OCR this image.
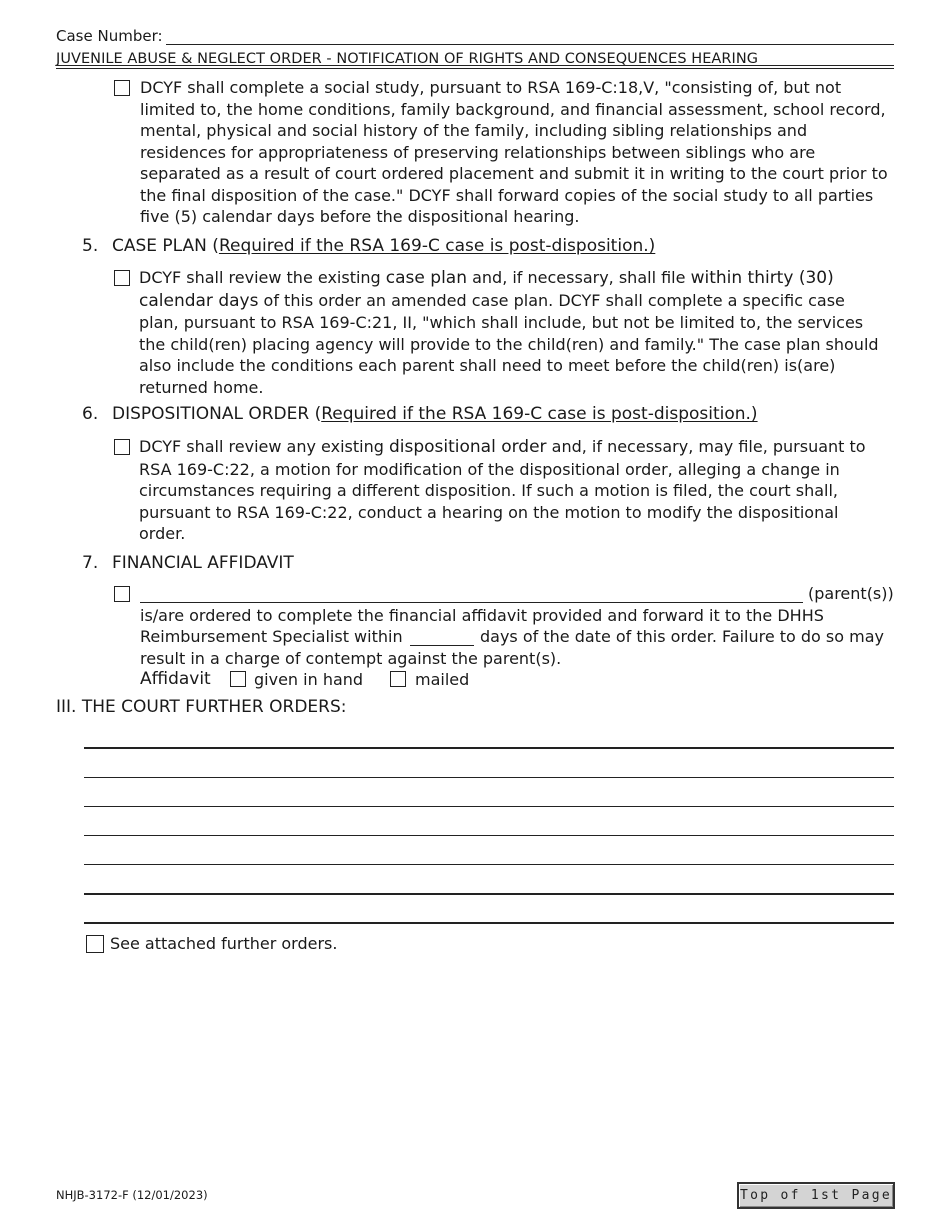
Case Number:
JUVENILE ABUSE & NEGLECT ORDER - NOTIFICATION OF RIGHTS AND CONSEQUENCES HEARING
DCYF shall complete a social study, pursuant to RSA 169-C:18,V, "consisting of, but not
limited to, the home conditions, family background, and financial assessment, school record,
mental, physical and social history of the family, including sibling relationships and
residences for appropriateness of preserving relationships between siblings who are
separated as a result of court ordered placement and submit it in writing to the court prior to
the final disposition of the case." DCYF shall forward copies of the social study to all parties
five (5) calendar days before the dispositional hearing.
5. CASE PLAN (Required if the RSA 169-C case is post-disposition.)
DCYF shall review the existing case plan and, if necessary, shall file within thirty (30)
calendar days of this order an amended case plan. DCYF shall complete a specific case
plan, pursuant to RSA 169-C:21, II, "which shall include, but not be limited to, the services
the child(ren) placing agency will provide to the child(ren) and family." The case plan should
also include the conditions each parent shall need to meet before the child(ren) is(are)
returned home.
6. DISPOSITIONAL ORDER (Required if the RSA 169-C case is post-disposition.)
DCYF shall review any existing dispositional order and, if necessary, may file, pursuant to
RSA 169-C:22, a motion for modification of the dispositional order, alleging a change in
circumstances requiring a different disposition. If such a motion is filed, the court shall,
pursuant to RSA 169-C:22, conduct a hearing on the motion to modify the dispositional
order.
7. FINANCIAL AFFIDAVIT
(parent(s))
is/are ordered to complete the financial affidavit provided and forward it to the DHHS
Reimbursement Specialist within	days of the date of this order. Failure to do so may
result in a charge of contempt against the parent(s).
Affidavit	given in hand	mailed
III. THE COURT FURTHER ORDERS:
See attached further orders.
NHJB-3172-F (12/01/2023)	Top of 1st Page
